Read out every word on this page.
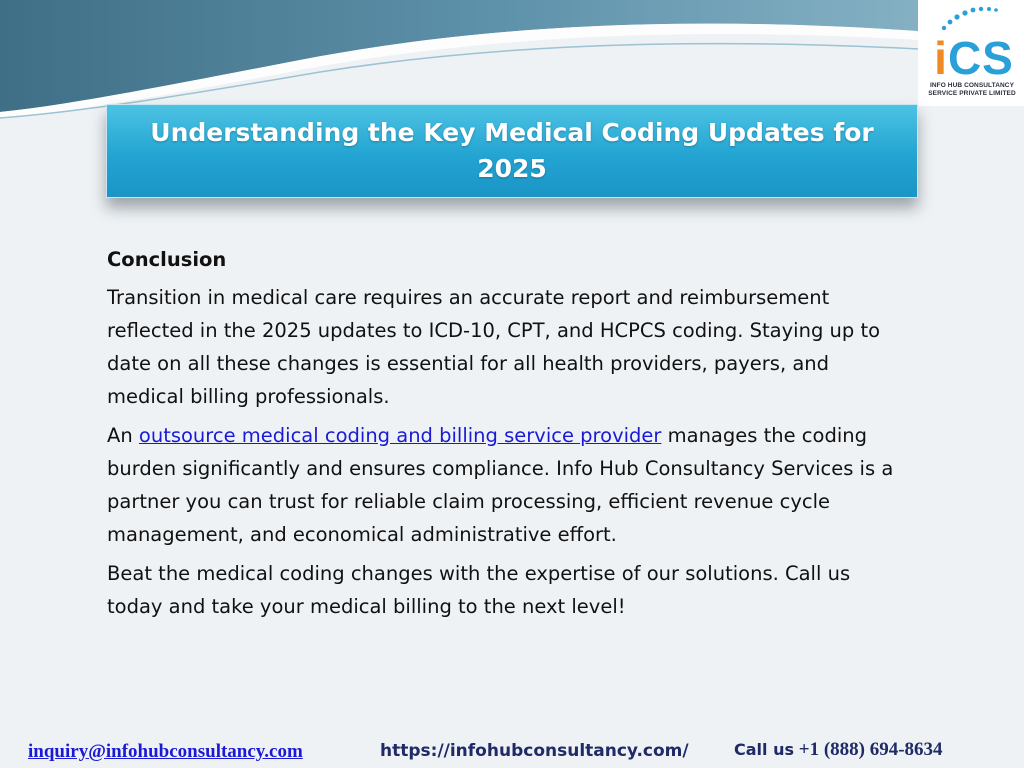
iCS
INFO HUB CONSULTANCY
SERVICE PRIVATE LIMITED
Understanding the Key Medical Coding Updates for 2025
Conclusion

Transition in medical care requires an accurate report and reimbursement reflected in the 2025 updates to ICD-10, CPT, and HCPCS coding. Staying up to date on all these changes is essential for all health providers, payers, and medical billing professionals.

An outsource medical coding and billing service provider manages the coding burden significantly and ensures compliance. Info Hub Consultancy Services is a partner you can trust for reliable claim processing, efficient revenue cycle management, and economical administrative effort.

Beat the medical coding changes with the expertise of our solutions. Call us today and take your medical billing to the next level!

inquiry@infohubconsultancy.com	https://infohubconsultancy.com/	Call us +1 (888) 694-8634
